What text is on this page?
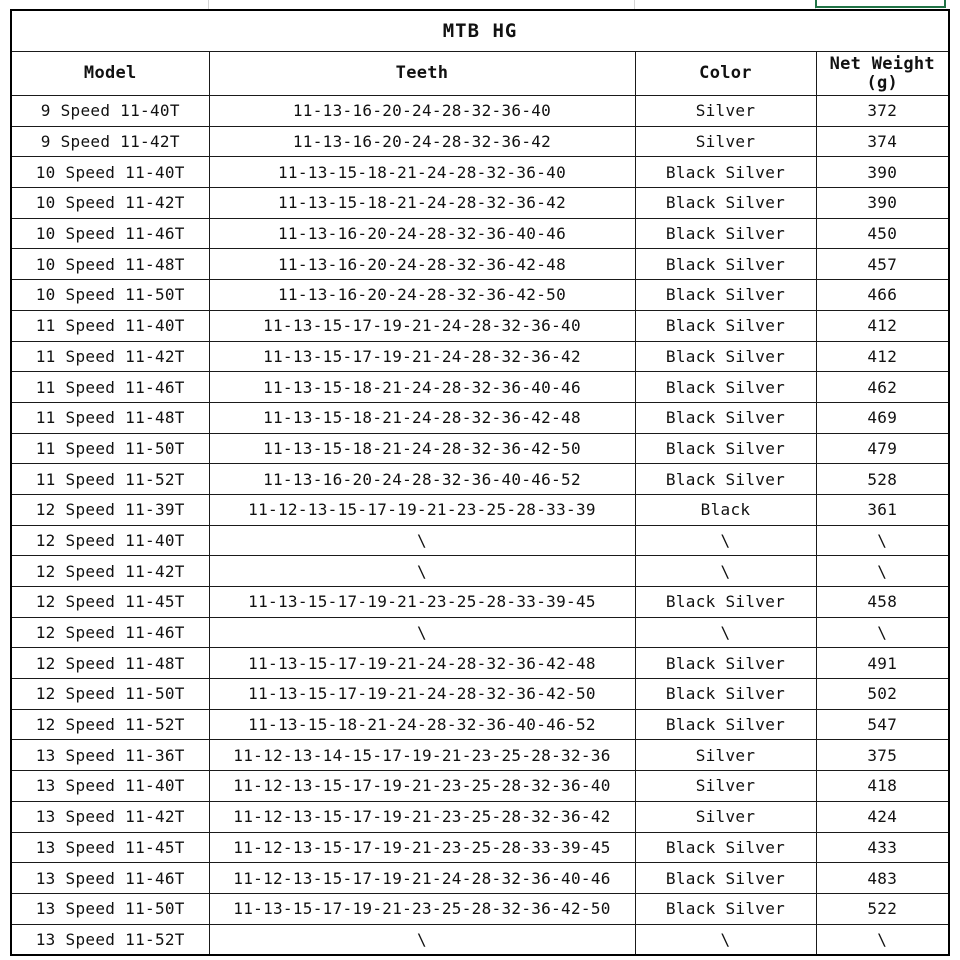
MTB HG			
Model	Teeth	Color	Net Weight
(g)
9 Speed 11-40T	11-13-16-20-24-28-32-36-40	Silver	372
9 Speed 11-42T	11-13-16-20-24-28-32-36-42	Silver	374
10 Speed 11-40T	11-13-15-18-21-24-28-32-36-40	Black Silver	390
10 Speed 11-42T	11-13-15-18-21-24-28-32-36-42	Black Silver	390
10 Speed 11-46T	11-13-16-20-24-28-32-36-40-46	Black Silver	450
10 Speed 11-48T	11-13-16-20-24-28-32-36-42-48	Black Silver	457
10 Speed 11-50T	11-13-16-20-24-28-32-36-42-50	Black Silver	466
11 Speed 11-40T	11-13-15-17-19-21-24-28-32-36-40	Black Silver	412
11 Speed 11-42T	11-13-15-17-19-21-24-28-32-36-42	Black Silver	412
11 Speed 11-46T	11-13-15-18-21-24-28-32-36-40-46	Black Silver	462
11 Speed 11-48T	11-13-15-18-21-24-28-32-36-42-48	Black Silver	469
11 Speed 11-50T	11-13-15-18-21-24-28-32-36-42-50	Black Silver	479
11 Speed 11-52T	11-13-16-20-24-28-32-36-40-46-52	Black Silver	528
12 Speed 11-39T	11-12-13-15-17-19-21-23-25-28-33-39	Black	361
12 Speed 11-40T	\	\	\
12 Speed 11-42T	\	\	\
12 Speed 11-45T	11-13-15-17-19-21-23-25-28-33-39-45	Black Silver	458
12 Speed 11-46T	\	\	\
12 Speed 11-48T	11-13-15-17-19-21-24-28-32-36-42-48	Black Silver	491
12 Speed 11-50T	11-13-15-17-19-21-24-28-32-36-42-50	Black Silver	502
12 Speed 11-52T	11-13-15-18-21-24-28-32-36-40-46-52	Black Silver	547
13 Speed 11-36T	11-12-13-14-15-17-19-21-23-25-28-32-36	Silver	375
13 Speed 11-40T	11-12-13-15-17-19-21-23-25-28-32-36-40	Silver	418
13 Speed 11-42T	11-12-13-15-17-19-21-23-25-28-32-36-42	Silver	424
13 Speed 11-45T	11-12-13-15-17-19-21-23-25-28-33-39-45	Black Silver	433
13 Speed 11-46T	11-12-13-15-17-19-21-24-28-32-36-40-46	Black Silver	483
13 Speed 11-50T	11-13-15-17-19-21-23-25-28-32-36-42-50	Black Silver	522
13 Speed 11-52T	\	\	\
